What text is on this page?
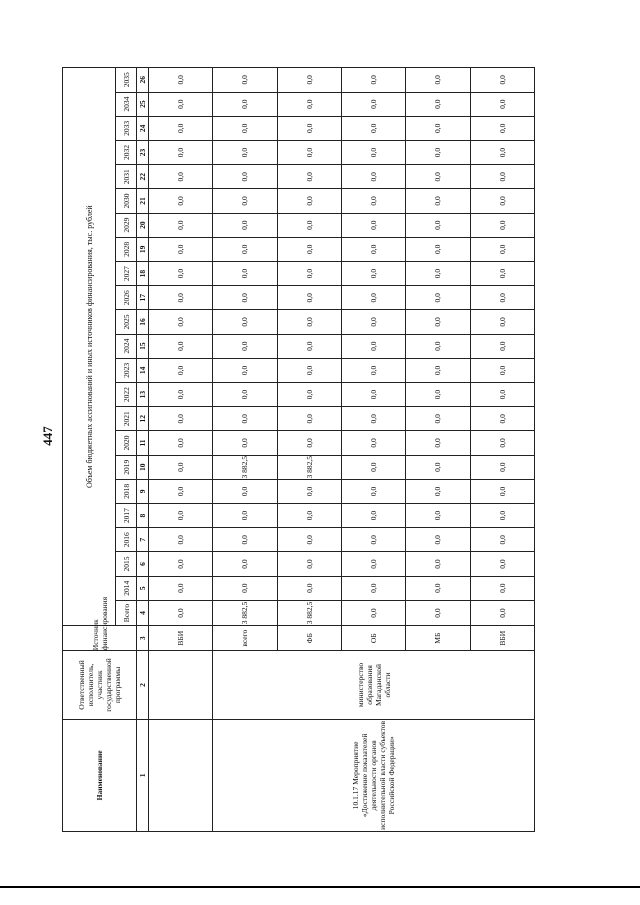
447
Наименование	Ответственный исполнитель, участник государственной программы	Источник финансирования	Объем бюджетных ассигнований и иных источников финансирования, тыс. рублей																						
			Всего	2014	2015	2016	2017	2018	2019	2020	2021	2022	2023	2024	2025	2026	2027	2028	2029	2030	2031	2032	2033	2034	2035
1	2	3	4	5	6	7	8	9	10	11	12	13	14	15	16	17	18	19	20	21	22	23	24	25	26
		ВБИ	0,0	0,0	0,0	0,0	0,0	0,0	0,0	0,0	0,0	0,0	0,0	0,0	0,0	0,0	0,0	0,0	0,0	0,0	0,0	0,0	0,0	0,0	0,0
10.1.17 Мероприятие «Достижение показателей деятельности органов исполнительной власти субъектов Российской Федерации»	министерство образования Магаданской области	всего	3 882,5	0,0	0,0	0,0	0,0	0,0	3 882,5	0,0	0,0	0,0	0,0	0,0	0,0	0,0	0,0	0,0	0,0	0,0	0,0	0,0	0,0	0,0	0,0
		ФБ	3 882,5	0,0	0,0	0,0	0,0	0,0	3 882,5	0,0	0,0	0,0	0,0	0,0	0,0	0,0	0,0	0,0	0,0	0,0	0,0	0,0	0,0	0,0	0,0
		ОБ	0,0	0,0	0,0	0,0	0,0	0,0	0,0	0,0	0,0	0,0	0,0	0,0	0,0	0,0	0,0	0,0	0,0	0,0	0,0	0,0	0,0	0,0	0,0
		МБ	0,0	0,0	0,0	0,0	0,0	0,0	0,0	0,0	0,0	0,0	0,0	0,0	0,0	0,0	0,0	0,0	0,0	0,0	0,0	0,0	0,0	0,0	0,0
		ВБИ	0,0	0,0	0,0	0,0	0,0	0,0	0,0	0,0	0,0	0,0	0,0	0,0	0,0	0,0	0,0	0,0	0,0	0,0	0,0	0,0	0,0	0,0	0,0
